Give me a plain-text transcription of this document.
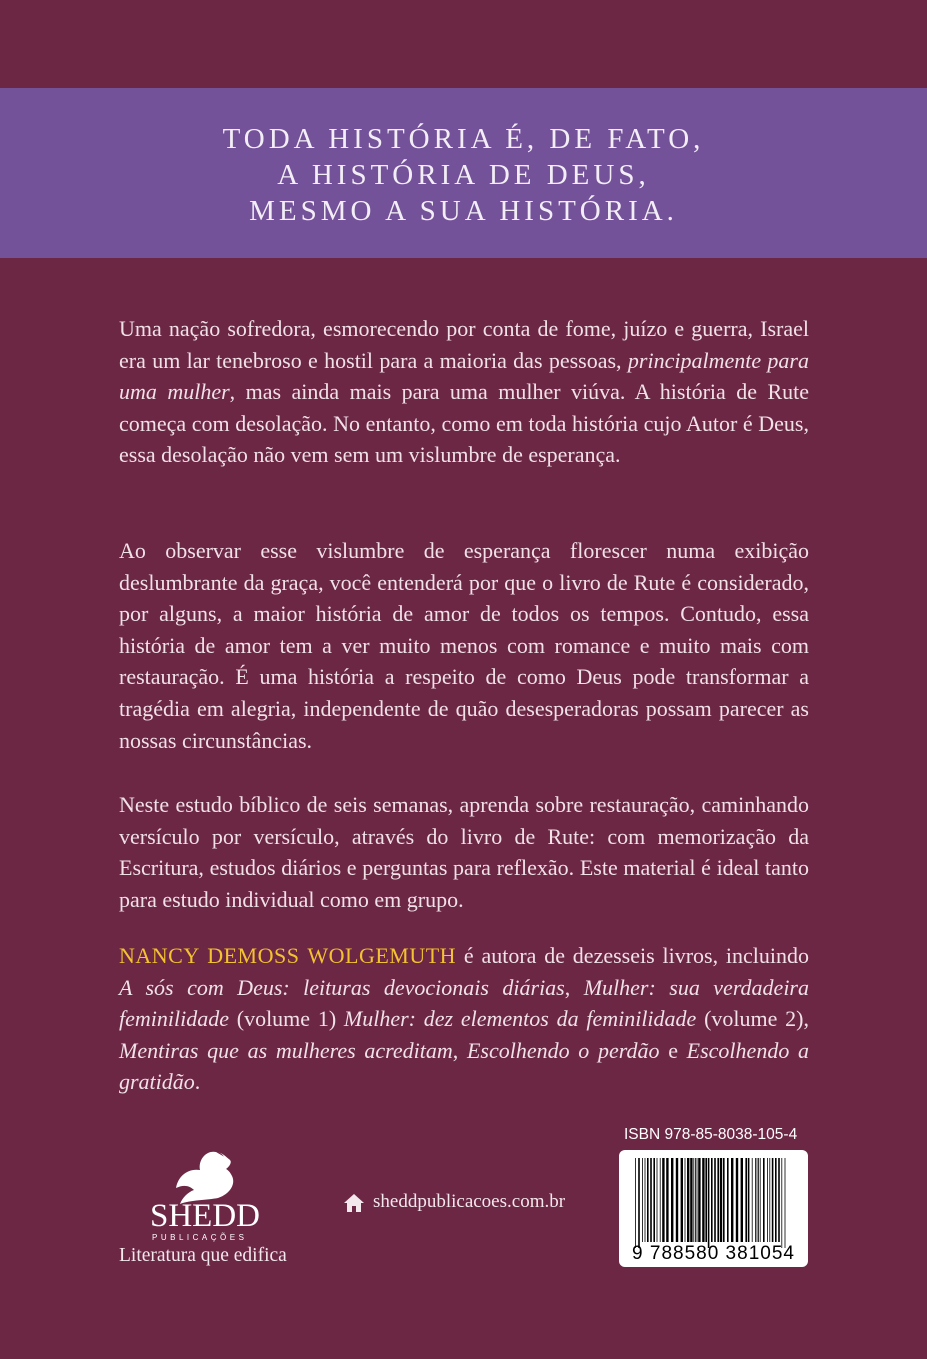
TODA HISTÓRIA É, DE FATO,
A HISTÓRIA DE DEUS,
MESMO A SUA HISTÓRIA.

Uma nação sofredora, esmorecendo por conta de fome, juízo e guerra, Israel era um lar tenebroso e hostil para a maioria das pessoas, principalmente para uma mulher, mas ainda mais para uma mulher viúva. A história de Rute começa com desolação. No entanto, como em toda história cujo Autor é Deus, essa desolação não vem sem um vislumbre de esperança.

Ao observar esse vislumbre de esperança florescer numa exibição deslumbrante da graça, você entenderá por que o livro de Rute é considerado, por alguns, a maior história de amor de todos os tempos. Contudo, essa história de amor tem a ver muito menos com romance e muito mais com restauração. É uma história a respeito de como Deus pode transformar a tragédia em alegria, independente de quão desesperadoras possam parecer as nossas circunstâncias.

Neste estudo bíblico de seis semanas, aprenda sobre restauração, caminhando versículo por versículo, através do livro de Rute: com memorização da Escritura, estudos diários e perguntas para reflexão. Este material é ideal tanto para estudo individual como em grupo.

NANCY DEMOSS WOLGEMUTH é autora de dezesseis livros, incluindo A sós com Deus: leituras devocionais diárias, Mulher: sua verdadeira feminilidade (volume 1) Mulher: dez elementos da feminilidade (volume 2), Mentiras que as mulheres acreditam, Escolhendo o perdão e Escolhendo a gratidão.

SHEDD
PUBLICAÇÕES
Literatura que edifica
sheddpublicacoes.com.br
ISBN 978-85-8038-105-4
9 788580 381054
